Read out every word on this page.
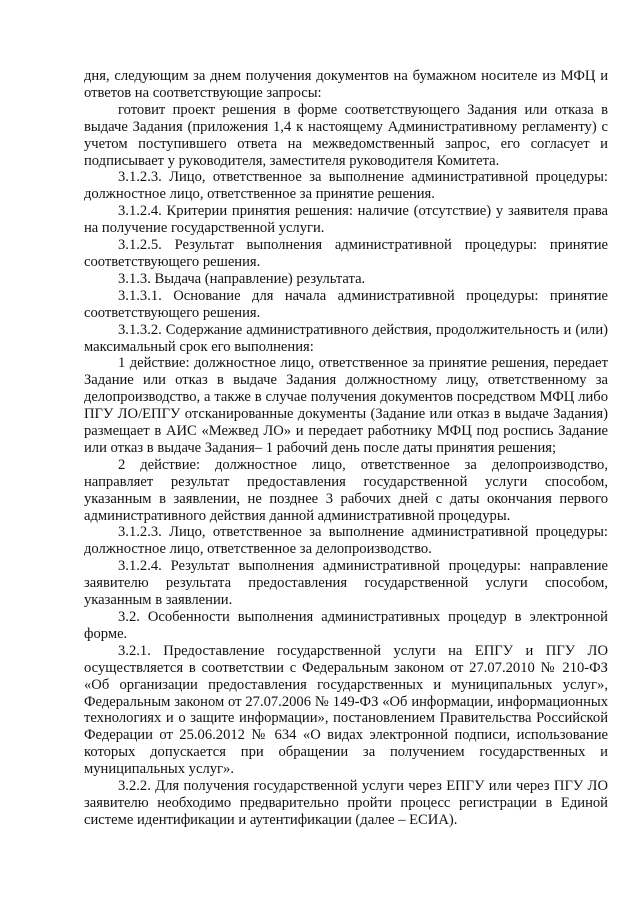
дня, следующим за днем получения документов на бумажном носителе из МФЦ и ответов на соответствующие запросы:

готовит проект решения в форме соответствующего Задания или отказа в выдаче Задания (приложения 1,4 к настоящему Административному регламенту) с учетом поступившего ответа на межведомственный запрос, его согласует и подписывает у руководителя, заместителя руководителя Комитета.

3.1.2.3. Лицо, ответственное за выполнение административной процедуры: должностное лицо, ответственное за принятие решения.

3.1.2.4. Критерии принятия решения: наличие (отсутствие) у заявителя права на получение государственной услуги.

3.1.2.5. Результат выполнения административной процедуры: принятие соответствующего решения.

3.1.3. Выдача (направление) результата.

3.1.3.1. Основание для начала административной процедуры: принятие соответствующего решения.

3.1.3.2. Содержание административного действия, продолжительность и (или) максимальный срок его выполнения:

1 действие: должностное лицо, ответственное за принятие решения, передает Задание или отказ в выдаче Задания должностному лицу, ответственному за делопроизводство, а также в случае получения документов посредством МФЦ либо ПГУ ЛО/ЕПГУ отсканированные документы (Задание или отказ в выдаче Задания) размещает в АИС «Межвед ЛО» и передает работнику МФЦ под роспись Задание или отказ в выдаче Задания– 1 рабочий день после даты принятия решения;

2 действие: должностное лицо, ответственное за делопроизводство, направляет результат предоставления государственной услуги способом, указанным в заявлении, не позднее 3 рабочих дней с даты окончания первого административного действия данной административной процедуры.

3.1.2.3. Лицо, ответственное за выполнение административной процедуры: должностное лицо, ответственное за делопроизводство.

3.1.2.4. Результат выполнения административной процедуры: направление заявителю результата предоставления государственной услуги способом, указанным в заявлении.

3.2. Особенности выполнения административных процедур в электронной форме.

3.2.1. Предоставление государственной услуги на ЕПГУ и ПГУ ЛО осуществляется в соответствии с Федеральным законом от 27.07.2010 № 210-ФЗ «Об организации предоставления государственных и муниципальных услуг», Федеральным законом от 27.07.2006 № 149-ФЗ «Об информации, информационных технологиях и о защите информации», постановлением Правительства Российской Федерации от 25.06.2012 № 634 «О видах электронной подписи, использование которых допускается при обращении за получением государственных и муниципальных услуг».

3.2.2. Для получения государственной услуги через ЕПГУ или через ПГУ ЛО заявителю необходимо предварительно пройти процесс регистрации в Единой системе идентификации и аутентификации (далее – ЕСИА).
